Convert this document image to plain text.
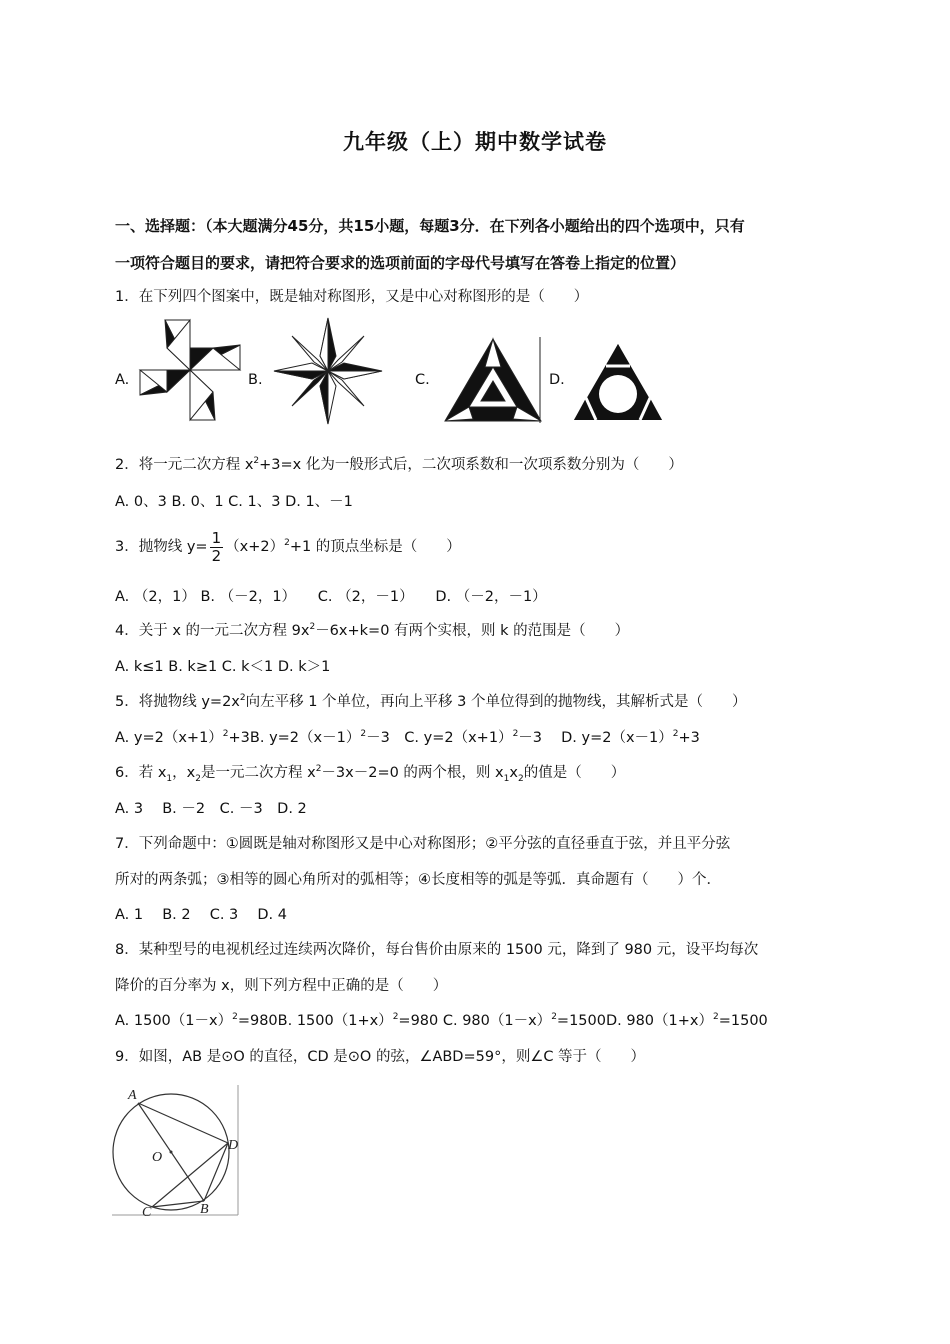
九年级（上）期中数学试卷
一、选择题：（本大题满分45分，共15小题，每题3分．在下列各小题给出的四个选项中，只有
一项符合题目的要求，请把符合要求的选项前面的字母代号填写在答卷上指定的位置）
1．在下列四个图案中，既是轴对称图形，又是中心对称图形的是（　　）
A.	B.	C.	D.
2．将一元二次方程 $x^2+3=x$ 化为一般形式后，二次项系数和一次项系数分别为（　　）
A. 0、3 B. 0、1 C. 1、3 D. 1、－1
3．抛物线 $y= \frac{1}{2} (x+2)^2+1$ 的顶点坐标是（　　）
A. （2，1） B. （－2，1）　　C. （2，－1）　　D. （－2，－1）
4．关于 x 的一元二次方程 $9x^2-6x+k=0$ 有两个实根，则 k 的范围是（　　）
A. k≤1 B. k≥1 C. k＜1 D. k＞1
5．将抛物线 $y=2x^2$向左平移 1 个单位，再向上平移 3 个单位得到的抛物线，其解析式是（　　）
A. $y=2(x+1)^2+3B$. $y=2(x-1)^2-3$　C. $y=2(x+1)^2-3$　 D. $y=2(x-1)^2+3$
6．若 $x_1$，$x_2$是一元二次方程 $x^2-3x-2=0$ 的两个根，则 $x_1x_2$的值是（　　）
A. 3　 B. －2　C. －3　D. 2
7．下列命题中：①圆既是轴对称图形又是中心对称图形；②平分弦的直径垂直于弦，并且平分弦
所对的两条弧；③相等的圆心角所对的弧相等；④长度相等的弧是等弧．真命题有（　　）个．
A. 1　 B. 2　 C. 3　 D. 4
8．某种型号的电视机经过连续两次降价，每台售价由原来的 1500 元，降到了 980 元，设平均每次
降价的百分率为 x，则下列方程中正确的是（　　）
A. $1500(1-x)^2=980B$. $1500(1+x)^2=980$ C. $980(1-x)^2=1500D$. $980(1+x)^2=1500$
9．如图，AB 是⊙O 的直径，CD 是⊙O 的弦，∠ABD=59°，则∠C 等于（　　）
A
D
O
B
C
